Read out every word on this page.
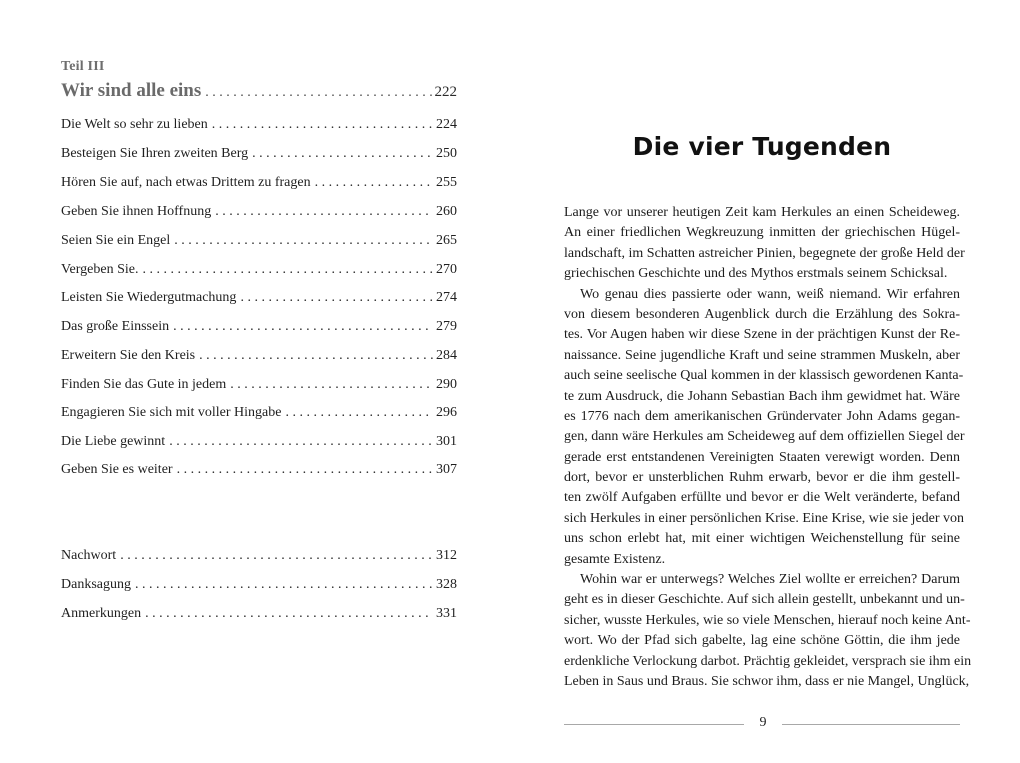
Teil III
Wir sind alle eins . . .	222
Die Welt so sehr zu lieben . . .	224
Besteigen Sie Ihren zweiten Berg . . .	250
Hören Sie auf, nach etwas Drittem zu fragen . . .	255
Geben Sie ihnen Hoffnung . . .	260
Seien Sie ein Engel . . .	265
Vergeben Sie. . . .	270
Leisten Sie Wiedergutmachung . . .	274
Das große Einssein . . .	279
Erweitern Sie den Kreis . . .	284
Finden Sie das Gute in jedem . . .	290
Engagieren Sie sich mit voller Hingabe . . .	296
Die Liebe gewinnt . . .	301
Geben Sie es weiter . . .	307
Nachwort . . .	312
Danksagung . . .	328
Anmerkungen . . .	331
Die vier Tugenden
Lange vor unserer heutigen Zeit kam Herkules an einen Scheideweg.
An einer friedlichen Wegkreuzung inmitten der griechischen Hügel-
landschaft, im Schatten astreicher Pinien, begegnete der große Held der
griechischen Geschichte und des Mythos erstmals seinem Schicksal.
Wo genau dies passierte oder wann, weiß niemand. Wir erfahren
von diesem besonderen Augenblick durch die Erzählung des Sokra-
tes. Vor Augen haben wir diese Szene in der prächtigen Kunst der Re-
naissance. Seine jugendliche Kraft und seine strammen Muskeln, aber
auch seine seelische Qual kommen in der klassisch gewordenen Kanta-
te zum Ausdruck, die Johann Sebastian Bach ihm gewidmet hat. Wäre
es 1776 nach dem amerikanischen Gründervater John Adams gegan-
gen, dann wäre Herkules am Scheideweg auf dem offiziellen Siegel der
gerade erst entstandenen Vereinigten Staaten verewigt worden. Denn
dort, bevor er unsterblichen Ruhm erwarb, bevor er die ihm gestell-
ten zwölf Aufgaben erfüllte und bevor er die Welt veränderte, befand
sich Herkules in einer persönlichen Krise. Eine Krise, wie sie jeder von
uns schon erlebt hat, mit einer wichtigen Weichenstellung für seine
gesamte Existenz.
Wohin war er unterwegs? Welches Ziel wollte er erreichen? Darum
geht es in dieser Geschichte. Auf sich allein gestellt, unbekannt und un-
sicher, wusste Herkules, wie so viele Menschen, hierauf noch keine Ant-
wort. Wo der Pfad sich gabelte, lag eine schöne Göttin, die ihm jede
erdenkliche Verlockung darbot. Prächtig gekleidet, versprach sie ihm ein
Leben in Saus und Braus. Sie schwor ihm, dass er nie Mangel, Unglück,
9
